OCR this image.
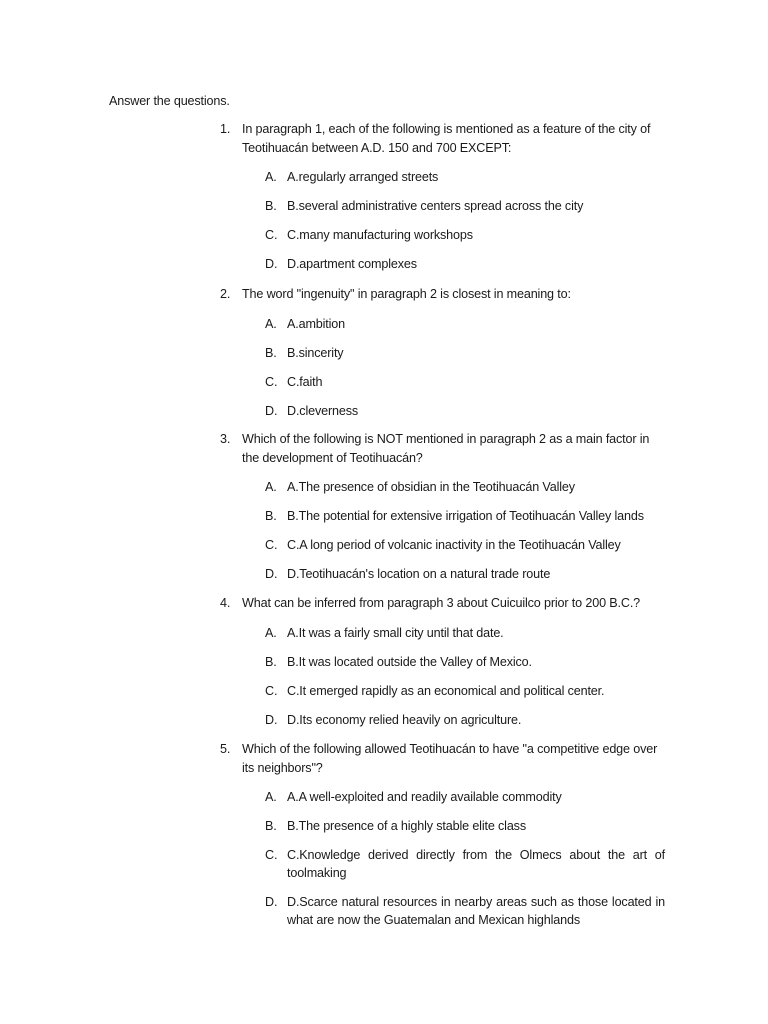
Answer the questions.
1. In paragraph 1, each of the following is mentioned as a feature of the city of Teotihuacán between A.D. 150 and 700 EXCEPT:
A. A.regularly arranged streets
B. B.several administrative centers spread across the city
C. C.many manufacturing workshops
D. D.apartment complexes
2. The word "ingenuity" in paragraph 2 is closest in meaning to:
A. A.ambition
B. B.sincerity
C. C.faith
D. D.cleverness
3. Which of the following is NOT mentioned in paragraph 2 as a main factor in the development of Teotihuacán?
A. A.The presence of obsidian in the Teotihuacán Valley
B. B.The potential for extensive irrigation of Teotihuacán Valley lands
C. C.A long period of volcanic inactivity in the Teotihuacán Valley
D. D.Teotihuacán's location on a natural trade route
4. What can be inferred from paragraph 3 about Cuicuilco prior to 200 B.C.?
A. A.It was a fairly small city until that date.
B. B.It was located outside the Valley of Mexico.
C. C.It emerged rapidly as an economical and political center.
D. D.Its economy relied heavily on agriculture.
5. Which of the following allowed Teotihuacán to have "a competitive edge over its neighbors"?
A. A.A well-exploited and readily available commodity
B. B.The presence of a highly stable elite class
C. C.Knowledge derived directly from the Olmecs about the art of toolmaking
D. D.Scarce natural resources in nearby areas such as those located in what are now the Guatemalan and Mexican highlands
